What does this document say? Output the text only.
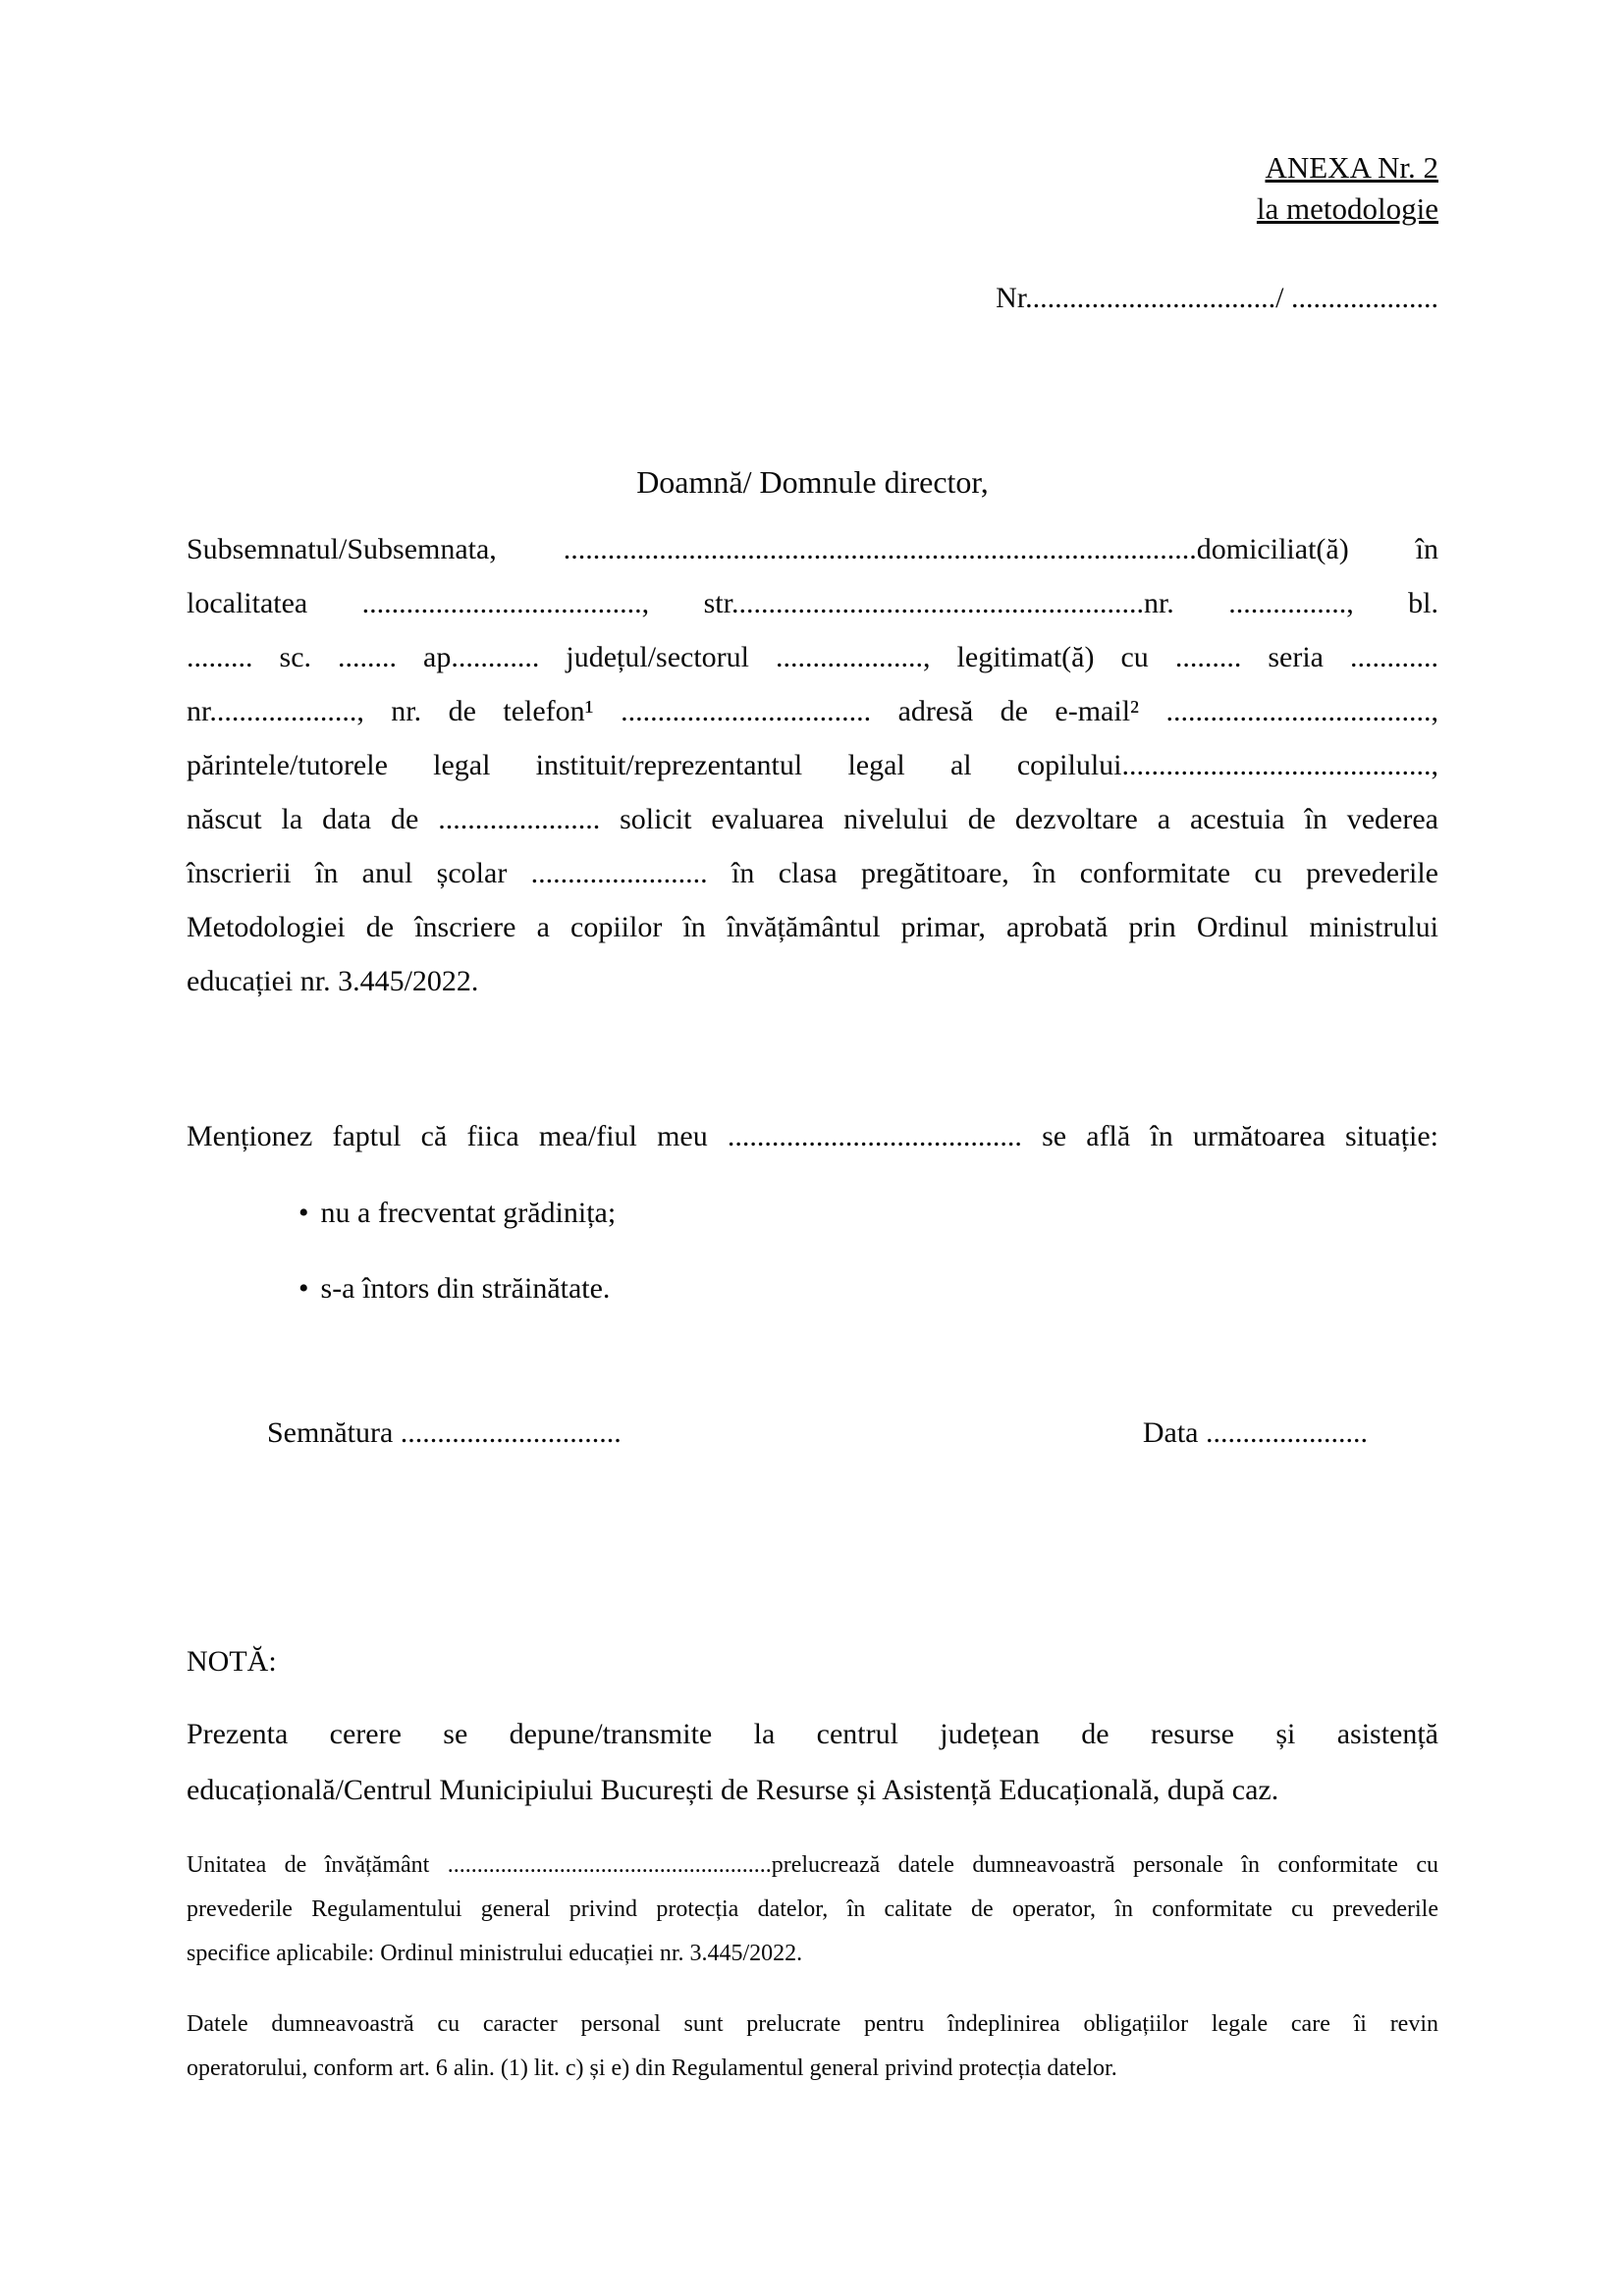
ANEXA Nr. 2
la metodologie
Nr................................../ ....................
Doamnă/ Domnule director,
Subsemnatul/Subsemnata, ......................................................................................domiciliat(ă) în
localitatea ......................................, str........................................................nr. ................, bl.
......... sc. ........ ap............ județul/sectorul ...................., legitimat(ă) cu ......... seria ............
nr...................., nr. de telefon¹ .................................. adresă de e-mail² ....................................,
părintele/tutorele legal instituit/reprezentantul legal al copilului..........................................,
născut la data de ...................... solicit evaluarea nivelului de dezvoltare a acestuia în vederea
înscrierii în anul școlar ........................ în clasa pregătitoare, în conformitate cu prevederile
Metodologiei de înscriere a copiilor în învățământul primar, aprobată prin Ordinul ministrului
educației nr. 3.445/2022.
Menționez faptul că fiica mea/fiul meu ........................................ se află în următoarea situație:
• nu a frecventat grădinița;
• s-a întors din străinătate.
Semnătura ..............................	Data ......................
NOTĂ:
Prezenta cerere se depune/transmite la centrul județean de resurse și asistență
educațională/Centrul Municipiului București de Resurse și Asistență Educațională, după caz.
Unitatea de învățământ .......................................................prelucrează datele dumneavoastră personale în conformitate cu
prevederile Regulamentului general privind protecția datelor, în calitate de operator, în conformitate cu prevederile
specifice aplicabile: Ordinul ministrului educației nr. 3.445/2022.
Datele dumneavoastră cu caracter personal sunt prelucrate pentru îndeplinirea obligațiilor legale care îi revin
operatorului, conform art. 6 alin. (1) lit. c) și e) din Regulamentul general privind protecția datelor.
